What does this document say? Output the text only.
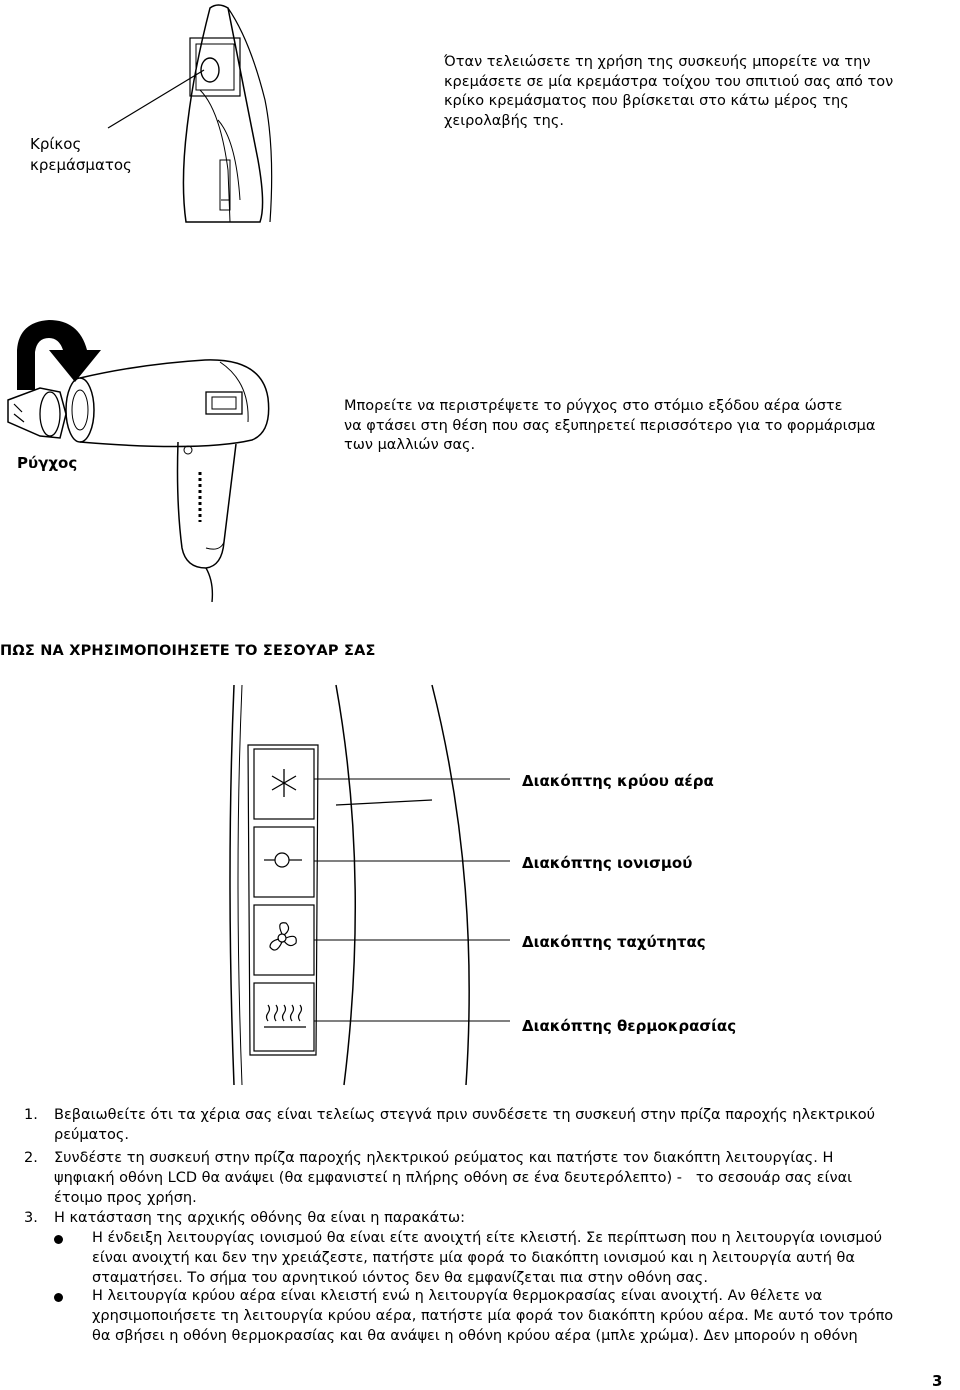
Κρίκος
κρεμάσματος
Όταν τελειώσετε τη χρήση της συσκευής μπορείτε να την
κρεμάσετε σε μία κρεμάστρα τοίχου του σπιτιού σας από τον
κρίκο κρεμάσματος που βρίσκεται στο κάτω μέρος της
χειρολαβής της.
Ρύγχος
Μπορείτε να περιστρέψετε το ρύγχος στο στόμιο εξόδου αέρα ώστε
να φτάσει στη θέση που σας εξυπηρετεί περισσότερο για το φορμάρισμα
των μαλλιών σας.
ΠΩΣ ΝΑ ΧΡΗΣΙΜΟΠΟΙΗΣΕΤΕ ΤΟ ΣΕΣΟΥΑΡ ΣΑΣ
Διακόπτης κρύου αέρα
Διακόπτης ιονισμού
Διακόπτης ταχύτητας
Διακόπτης θερμοκρασίας
1. Βεβαιωθείτε ότι τα χέρια σας είναι τελείως στεγνά πριν συνδέσετε τη συσκευή στην πρίζα παροχής ηλεκτρικού
ρεύματος.
2. Συνδέστε τη συσκευή στην πρίζα παροχής ηλεκτρικού ρεύματος και πατήστε τον διακόπτη λειτουργίας. Η
ψηφιακή οθόνη LCD θα ανάψει (θα εμφανιστεί η πλήρης οθόνη σε ένα δευτερόλεπτο) -   το σεσουάρ σας είναι
έτοιμο προς χρήση.
3. Η κατάσταση της αρχικής οθόνης θα είναι η παρακάτω:
Η ένδειξη λειτουργίας ιονισμού θα είναι είτε ανοιχτή είτε κλειστή. Σε περίπτωση που η λειτουργία ιονισμού
είναι ανοιχτή και δεν την χρειάζεστε, πατήστε μία φορά το διακόπτη ιονισμού και η λειτουργία αυτή θα
σταματήσει. Το σήμα του αρνητικού ιόντος δεν θα εμφανίζεται πια στην οθόνη σας.
Η λειτουργία κρύου αέρα είναι κλειστή ενώ η λειτουργία θερμοκρασίας είναι ανοιχτή. Αν θέλετε να
χρησιμοποιήσετε τη λειτουργία κρύου αέρα, πατήστε μία φορά τον διακόπτη κρύου αέρα. Με αυτό τον τρόπο
θα σβήσει η οθόνη θερμοκρασίας και θα ανάψει η οθόνη κρύου αέρα (μπλε χρώμα). Δεν μπορούν η οθόνη
3
